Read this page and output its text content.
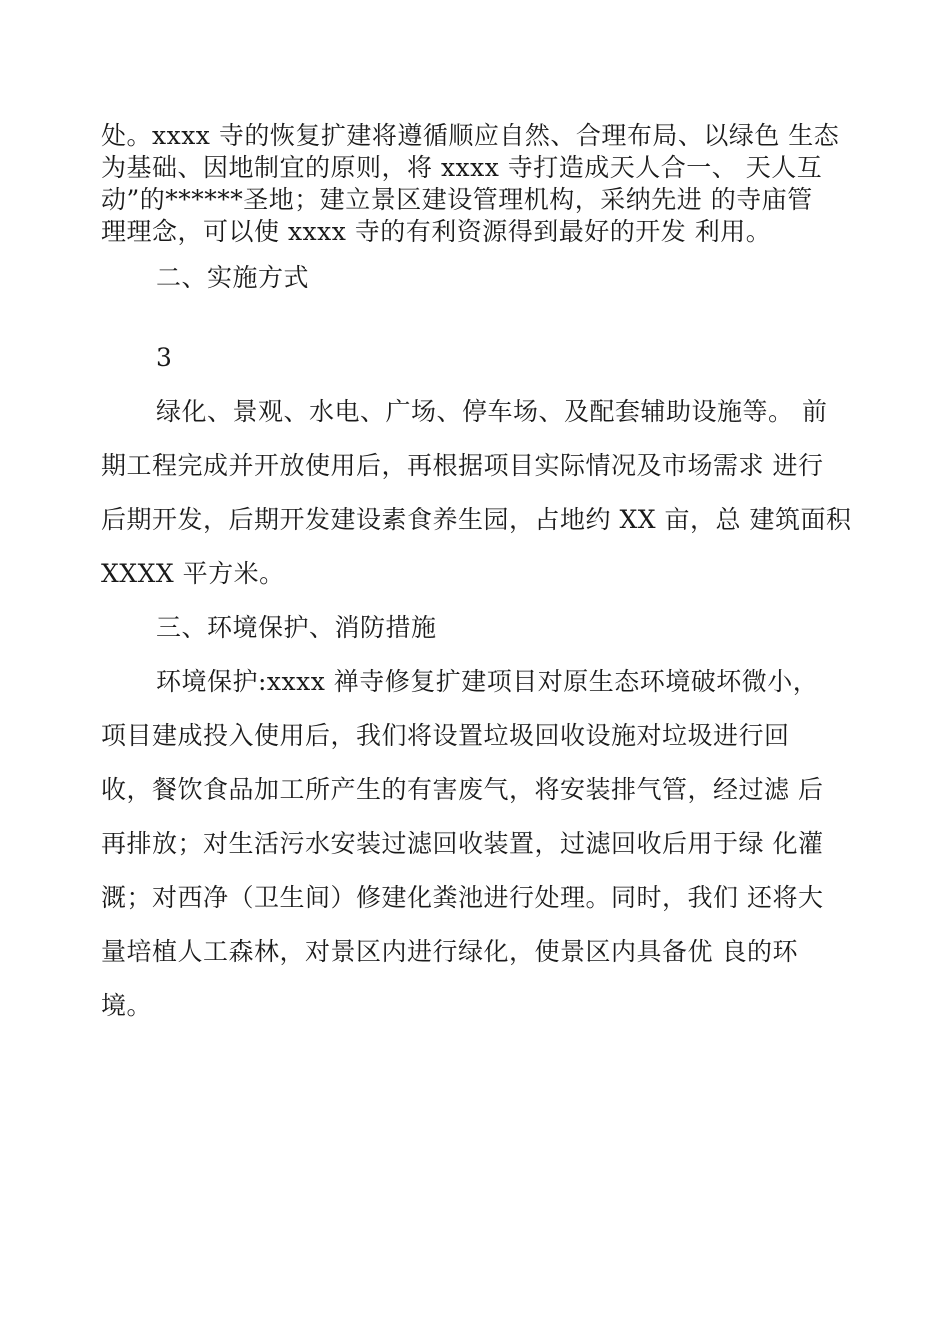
处。xxxx 寺的恢复扩建将遵循顺应自然、合理布局、以绿色 生态
为基础、因地制宜的原则，将 xxxx 寺打造成天人合一、 天人互
动”的******圣地；建立景区建设管理机构，采纳先进 的寺庙管
理理念，可以使 xxxx 寺的有利资源得到最好的开发 利用。
二、实施方式
3
绿化、景观、水电、广场、停车场、及配套辅助设施等。 前
期工程完成并开放使用后，再根据项目实际情况及市场需求 进行
后期开发，后期开发建设素食养生园，占地约 XX 亩，总 建筑面积
XXXX 平方米。
三、环境保护、消防措施
环境保护:xxxx 禅寺修复扩建项目对原生态环境破坏微小，
项目建成投入使用后，我们将设置垃圾回收设施对垃圾进行回
收，餐饮食品加工所产生的有害废气，将安装排气管，经过滤 后
再排放；对生活污水安装过滤回收装置，过滤回收后用于绿 化灌
溉；对西净（卫生间）修建化粪池进行处理。同时，我们 还将大
量培植人工森林，对景区内进行绿化，使景区内具备优 良的环
境。
